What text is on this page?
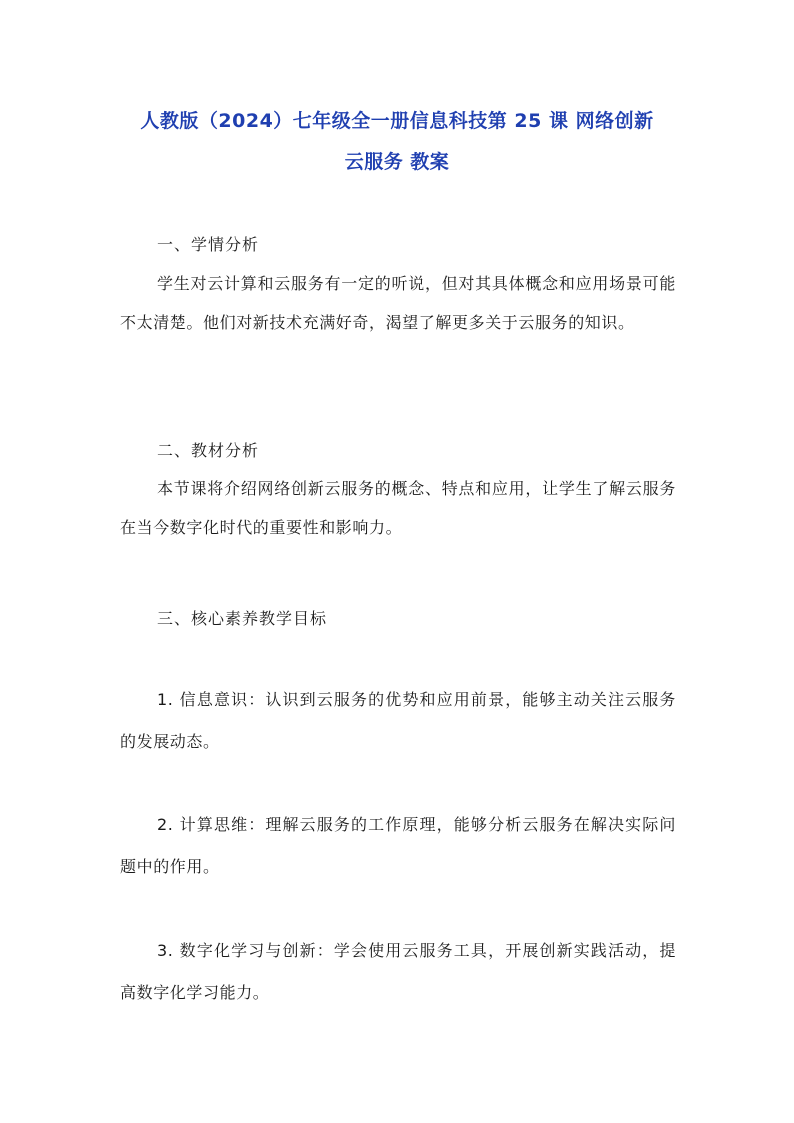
人教版（2024）七年级全一册信息科技第 25 课 网络创新
云服务 教案
一、学情分析
学生对云计算和云服务有一定的听说，但对其具体概念和应用场景可能不太清楚。他们对新技术充满好奇，渴望了解更多关于云服务的知识。
二、教材分析
本节课将介绍网络创新云服务的概念、特点和应用，让学生了解云服务在当今数字化时代的重要性和影响力。
三、核心素养教学目标
1. 信息意识：认识到云服务的优势和应用前景，能够主动关注云服务的发展动态。
2. 计算思维：理解云服务的工作原理，能够分析云服务在解决实际问题中的作用。
3. 数字化学习与创新：学会使用云服务工具，开展创新实践活动，提高数字化学习能力。
